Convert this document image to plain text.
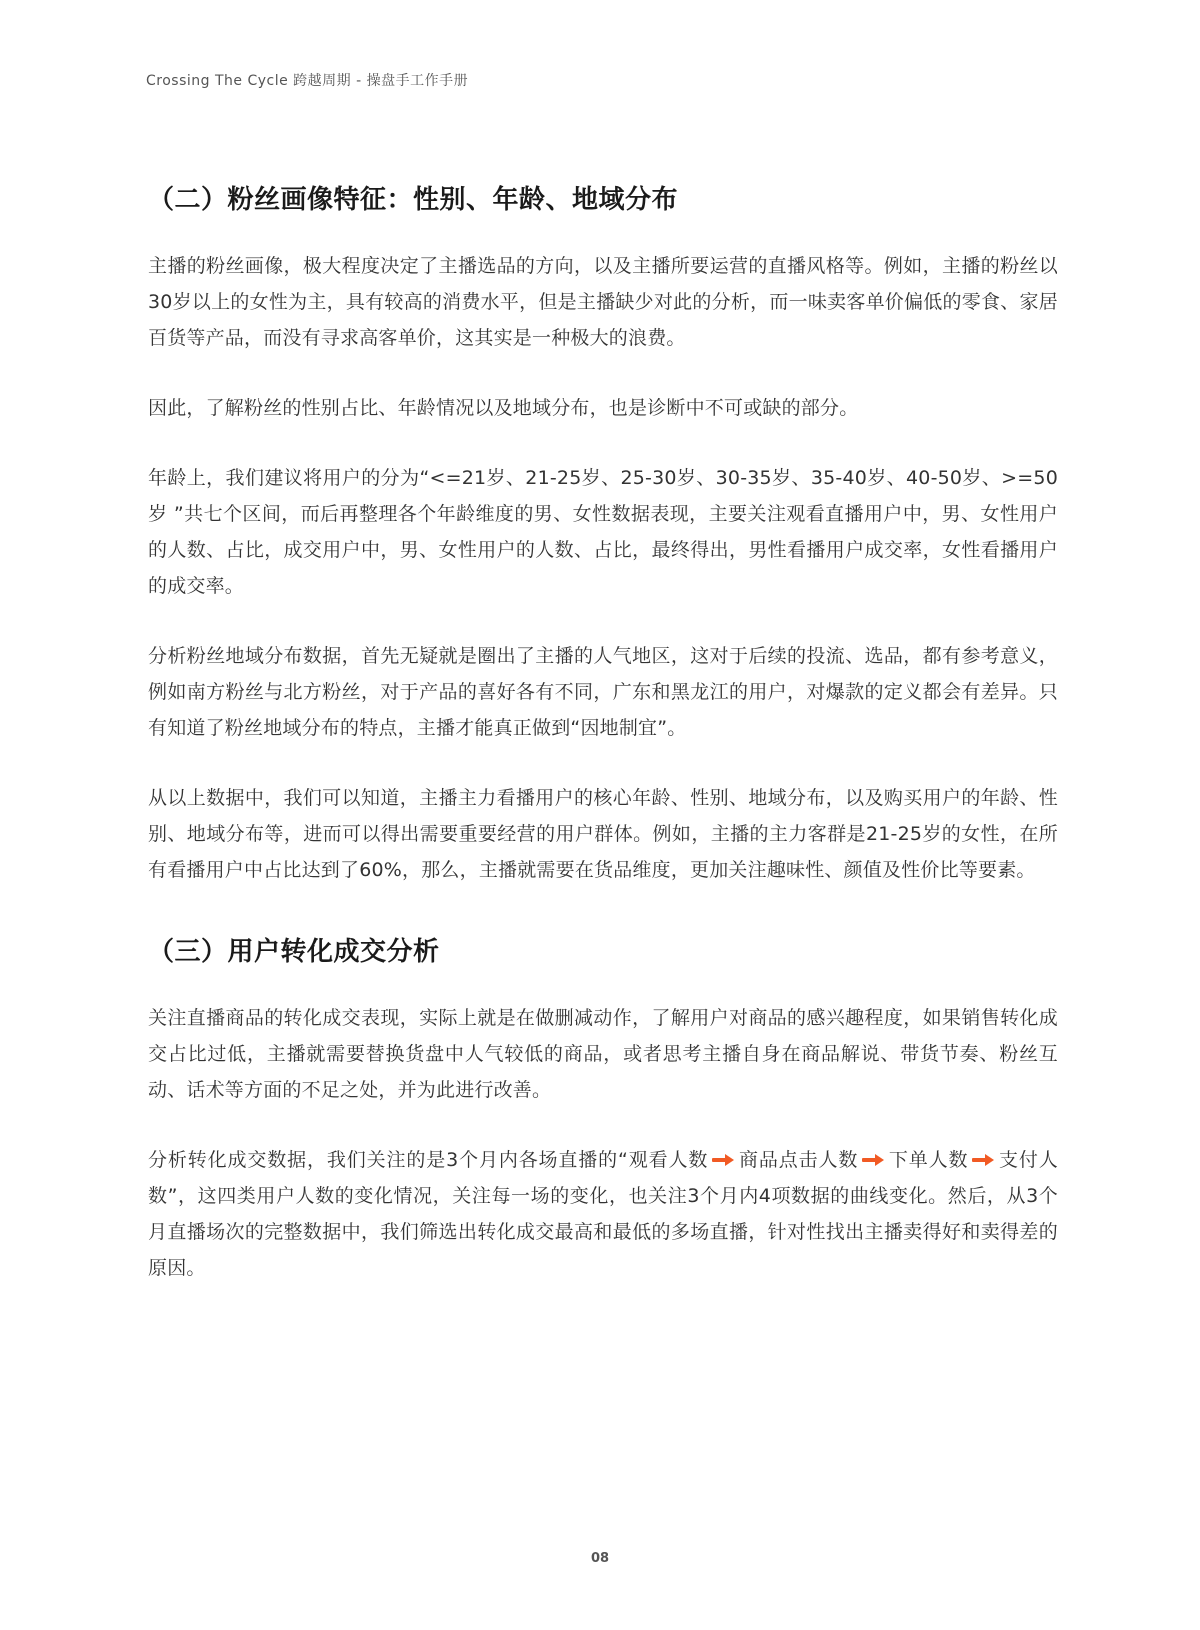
Crossing The Cycle 跨越周期 - 操盘手工作手册
（二）粉丝画像特征：性别、年龄、地域分布

主播的粉丝画像，极大程度决定了主播选品的方向，以及主播所要运营的直播风格等。例如，主播的粉丝以30岁以上的女性为主，具有较高的消费水平，但是主播缺少对此的分析，而一味卖客单价偏低的零食、家居百货等产品，而没有寻求高客单价，这其实是一种极大的浪费。

因此，了解粉丝的性别占比、年龄情况以及地域分布，也是诊断中不可或缺的部分。

年龄上，我们建议将用户的分为“<=21岁、21-25岁、25-30岁、30-35岁、35-40岁、40-50岁、>=50岁 ”共七个区间，而后再整理各个年龄维度的男、女性数据表现，主要关注观看直播用户中，男、女性用户的人数、占比，成交用户中，男、女性用户的人数、占比，最终得出，男性看播用户成交率，女性看播用户的成交率。

分析粉丝地域分布数据，首先无疑就是圈出了主播的人气地区，这对于后续的投流、选品，都有参考意义，例如南方粉丝与北方粉丝，对于产品的喜好各有不同，广东和黑龙江的用户，对爆款的定义都会有差异。只有知道了粉丝地域分布的特点，主播才能真正做到“因地制宜”。

从以上数据中，我们可以知道，主播主力看播用户的核心年龄、性别、地域分布，以及购买用户的年龄、性别、地域分布等，进而可以得出需要重要经营的用户群体。例如，主播的主力客群是21-25岁的女性，在所有看播用户中占比达到了60%，那么，主播就需要在货品维度，更加关注趣味性、颜值及性价比等要素。

（三）用户转化成交分析

关注直播商品的转化成交表现，实际上就是在做删减动作，了解用户对商品的感兴趣程度，如果销售转化成交占比过低，主播就需要替换货盘中人气较低的商品，或者思考主播自身在商品解说、带货节奏、粉丝互动、话术等方面的不足之处，并为此进行改善。

分析转化成交数据，我们关注的是3个月内各场直播的“观看人数 商品点击人数 下单人数 支付人数”，这四类用户人数的变化情况，关注每一场的变化，也关注3个月内4项数据的曲线变化。然后，从3个月直播场次的完整数据中，我们筛选出转化成交最高和最低的多场直播，针对性找出主播卖得好和卖得差的原因。

08
